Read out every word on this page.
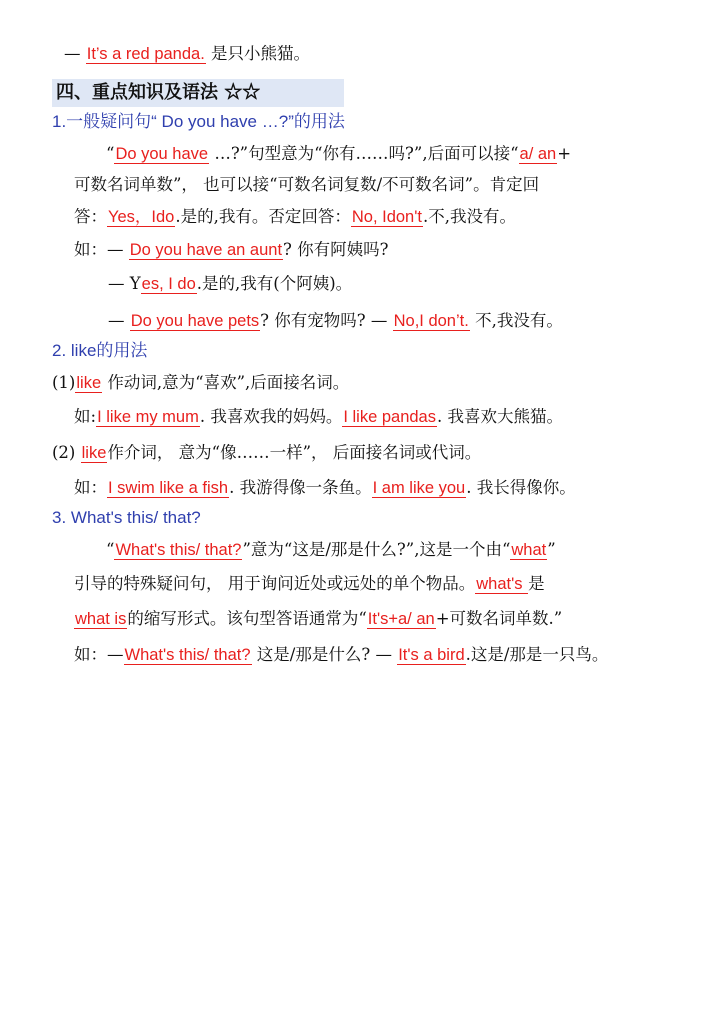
— It’s a red panda. 是只小熊猫。
四、重点知识及语法 ☆☆
1.一般疑问句“ Do you have …?”的用法
“Do you have …?”句型意为“你有……吗?”,后面可以接“a/ an+
可数名词单数”， 也可以接“可数名词复数/不可数名词”。肯定回
答：Yes，Ido.是的,我有。否定回答：No, Idon't.不,我没有。
如：— Do you have an aunt? 你有阿姨吗?
— Yes, I do.是的,我有(个阿姨)。
— Do you have pets? 你有宠物吗? — No,I don’t. 不,我没有。
2. like的用法
(1)like 作动词,意为“喜欢”,后面接名词。
如:I like my mum. 我喜欢我的妈妈。I like pandas. 我喜欢大熊猫。
(2) like作介词， 意为“像……一样”， 后面接名词或代词。
如：I swim like a fish. 我游得像一条鱼。I am like you. 我长得像你。
3. What's this/ that?
“What's this/ that?”意为“这是/那是什么?”,这是一个由“what”
引导的特殊疑问句， 用于询问近处或远处的单个物品。what's 是
what is的缩写形式。该句型答语通常为“It's+a/ an+可数名词单数.”
如：—What's this/ that? 这是/那是什么? — It's a bird.这是/那是一只鸟。
